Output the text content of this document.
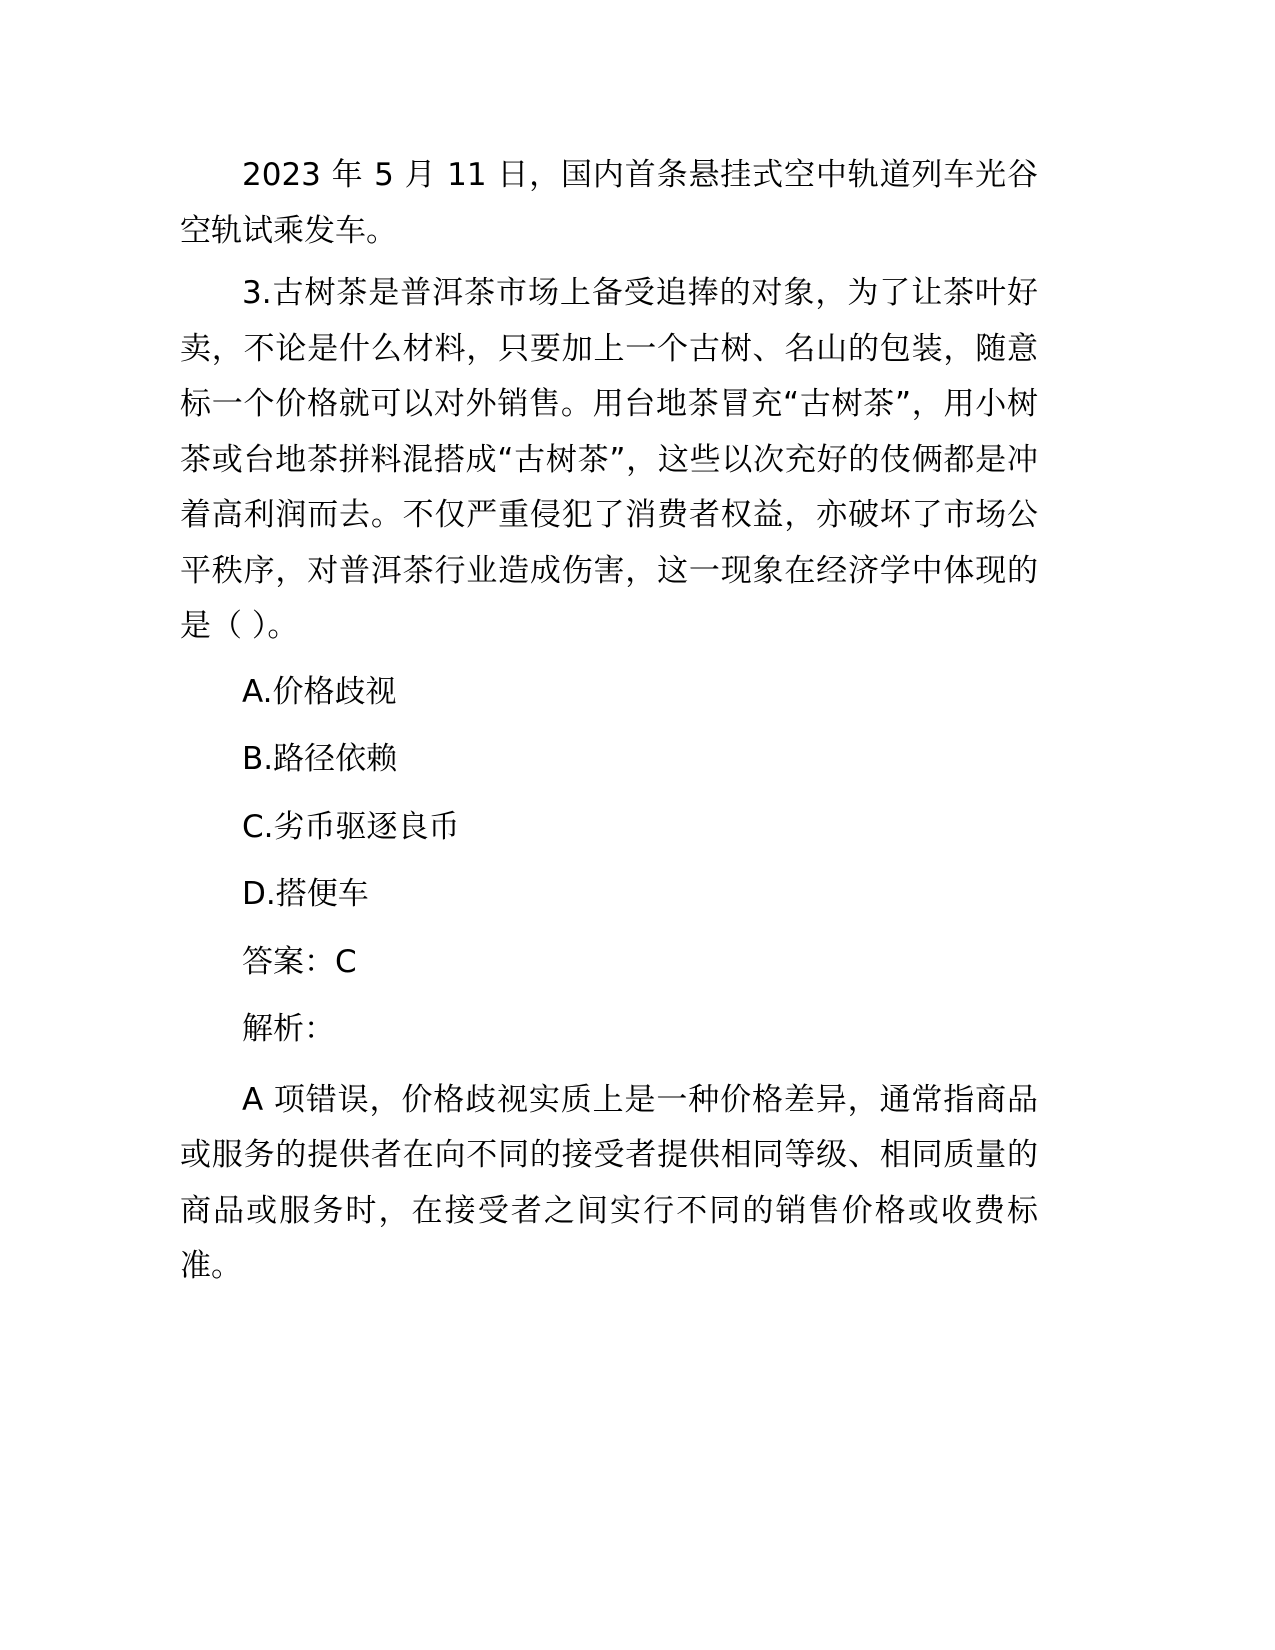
2023 年 5 月 11 日，国内首条悬挂式空中轨道列车光谷空轨试乘发车。

3.古树茶是普洱茶市场上备受追捧的对象，为了让茶叶好卖，不论是什么材料，只要加上一个古树、名山的包装，随意标一个价格就可以对外销售。用台地茶冒充“古树茶”，用小树茶或台地茶拼料混搭成“古树茶”，这些以次充好的伎俩都是冲着高利润而去。不仅严重侵犯了消费者权益，亦破坏了市场公平秩序，对普洱茶行业造成伤害，这一现象在经济学中体现的是（ ）。

A.价格歧视

B.路径依赖

C.劣币驱逐良币

D.搭便车

答案：C

解析：

A 项错误，价格歧视实质上是一种价格差异，通常指商品或服务的提供者在向不同的接受者提供相同等级、相同质量的商品或服务时，在接受者之间实行不同的销售价格或收费标准。
